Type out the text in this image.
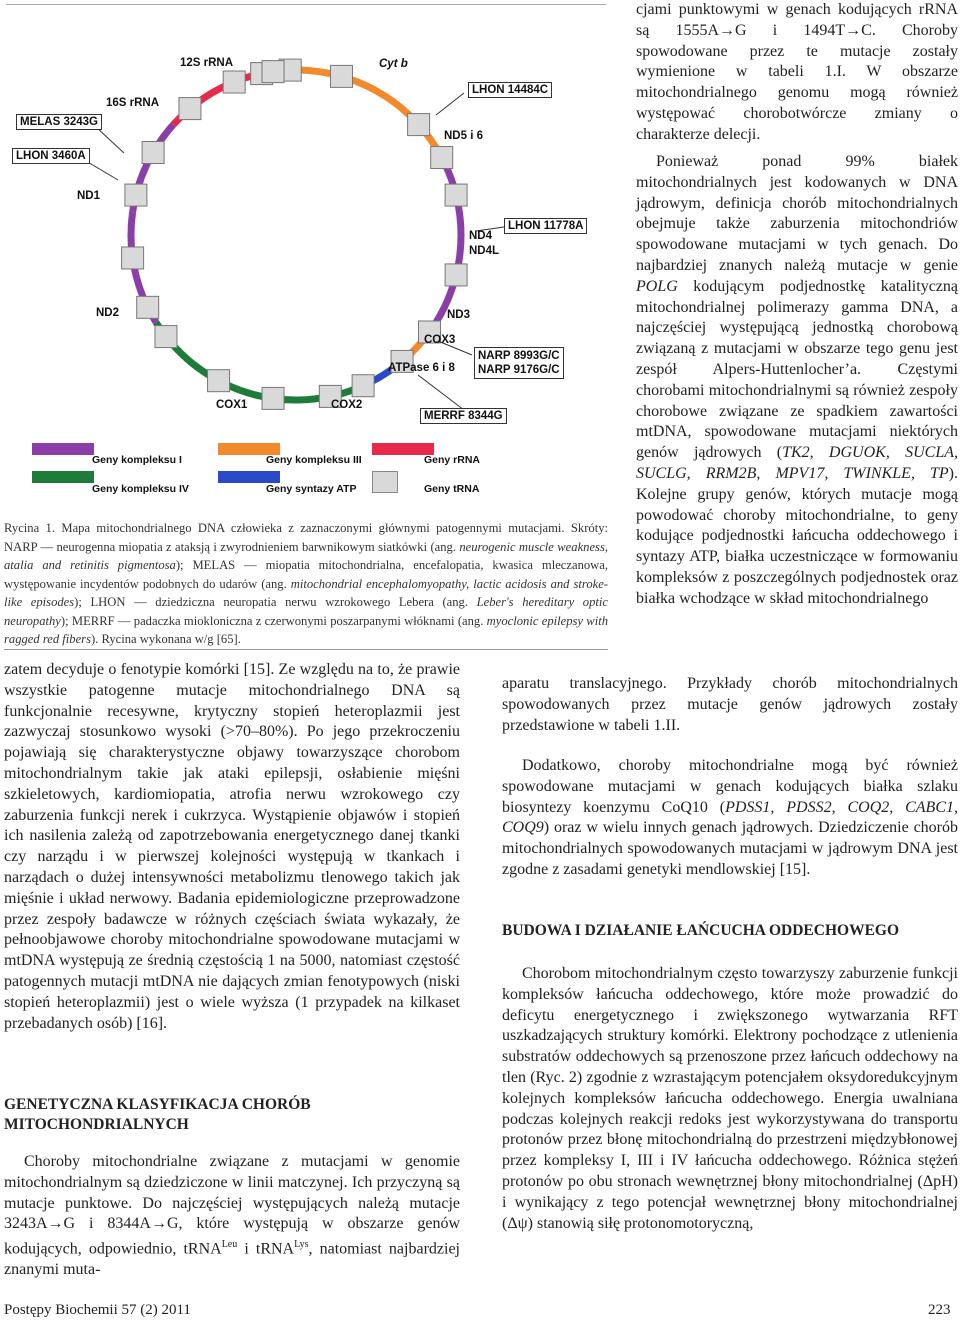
MELAS 3243G
LHON 3460A
16S rRNA
12S rRNA	Cyt b
LHON 14484C
ND5 i 6
ND1
ND4
ND4L
LHON 11778A
ND2	ND3
COX3
ATPase 6 i 8
NARP 8993G/C
NARP 9176G/C
COX1	COX2
MERRF 8344G
Geny kompleksu I	Geny kompleksu III	Geny rRNA
Geny kompleksu IV	Geny syntazy ATP	Geny tRNA
Rycina 1. Mapa mitochondrialnego DNA człowieka z zaznaczonymi głównymi patogennymi mutacjami. Skróty: NARP — neurogenna miopatia z ataksją i zwyrodnieniem barwnikowym siatkówki (ang. neurogenic muscle weakness, atalia and retinitis pigmentosa); MELAS — miopatia mitochondrialna, encefalopatia, kwasica mleczanowa, występowanie incydentów podobnych do udarów (ang. mitochondrial encephalomyopathy, lactic acidosis and stroke-like episodes); LHON — dziedziczna neuropatia nerwu wzrokowego Lebera (ang. Leber's hereditary optic neuropathy); MERRF — padaczka miokloniczna z czerwonymi poszarpanymi włóknami (ang. myoclonic epilepsy with ragged red fibers). Rycina wykonana w/g [65].
cjami punktowymi w genach kodujących rRNA są 1555A→G i 1494T→C. Choroby spowodowane przez te mutacje zostały wymienione w tabeli 1.I. W obszarze mitochondrialnego genomu mogą również występować chorobotwórcze zmiany o charakterze delecji.
Ponieważ ponad 99% białek mitochondrialnych jest kodowanych w DNA jądrowym, definicja chorób mitochondrialnych obejmuje także zaburzenia mitochondriów spowodowane mutacjami w tych genach. Do najbardziej znanych należą mutacje w genie POLG kodującym podjednostkę katalityczną mitochondrialnej polimerazy gamma DNA, a najczęściej występującą jednostką chorobową związaną z mutacjami w obszarze tego genu jest zespół Alpers-Huttenlocher’a. Częstymi chorobami mitochondrialnymi są również zespoły chorobowe związane ze spadkiem zawartości mtDNA, spowodowane mutacjami niektórych genów jądrowych (TK2, DGUOK, SUCLA, SUCLG, RRM2B, MPV17, TWINKLE, TP). Kolejne grupy genów, których mutacje mogą powodować choroby mitochondrialne, to geny kodujące podjednostki łańcucha oddechowego i syntazy ATP, białka uczestniczące w formowaniu kompleksów z poszczególnych podjednostek oraz białka wchodzące w skład mitochondrialnego
aparatu translacyjnego. Przykłady chorób mitochondrialnych spowodowanych przez mutacje genów jądrowych zostały przedstawione w tabeli 1.II.
zatem decyduje o fenotypie komórki [15]. Ze względu na to, że prawie wszystkie patogenne mutacje mitochondrialnego DNA są funkcjonalnie recesywne, krytyczny stopień heteroplazmii jest zazwyczaj stosunkowo wysoki (>70–80%). Po jego przekroczeniu pojawiają się charakterystyczne objawy towarzyszące chorobom mitochondrialnym takie jak ataki epilepsji, osłabienie mięśni szkieletowych, kardiomiopatia, atrofia nerwu wzrokowego czy zaburzenia funkcji nerek i cukrzyca. Wystąpienie objawów i stopień ich nasilenia zależą od zapotrzebowania energetycznego danej tkanki czy narządu i w pierwszej kolejności występują w tkankach i narządach o dużej intensywności metabolizmu tlenowego takich jak mięśnie i układ nerwowy. Badania epidemiologiczne przeprowadzone przez zespoły badawcze w różnych częściach świata wykazały, że pełnoobjawowe choroby mitochondrialne spowodowane mutacjami w mtDNA występują ze średnią częstością 1 na 5000, natomiast częstość patogennych mutacji mtDNA nie dających zmian fenotypowych (niski stopień heteroplazmii) jest o wiele wyższa (1 przypadek na kilkaset przebadanych osób) [16].
GENETYCZNA KLASYFIKACJA CHORÓB MITOCHONDRIALNYCH
Choroby mitochondrialne związane z mutacjami w genomie mitochondrialnym są dziedziczone w linii matczynej. Ich przyczyną są mutacje punktowe. Do najczęściej występujących należą mutacje 3243A→G i 8344A→G, które występują w obszarze genów kodujących, odpowiednio, tRNA$^{Leu}$ i tRNA$^{Lys}$, natomiast najbardziej znanymi muta-
Dodatkowo, choroby mitochondrialne mogą być również spowodowane mutacjami w genach kodujących białka szlaku biosyntezy koenzymu CoQ10 (PDSS1, PDSS2, COQ2, CABC1, COQ9) oraz w wielu innych genach jądrowych. Dziedziczenie chorób mitochondrialnych spowodowanych mutacjami w jądrowym DNA jest zgodne z zasadami genetyki mendlowskiej [15].
BUDOWA I DZIAŁANIE ŁAŃCUCHA ODDECHOWEGO
Chorobom mitochondrialnym często towarzyszy zaburzenie funkcji kompleksów łańcucha oddechowego, które może prowadzić do deficytu energetycznego i zwiększonego wytwarzania RFT uszkadzających struktury komórki. Elektrony pochodzące z utlenienia substratów oddechowych są przenoszone przez łańcuch oddechowy na tlen (Ryc. 2) zgodnie z wzrastającym potencjałem oksydoredukcyjnym kolejnych kompleksów łańcucha oddechowego. Energia uwalniana podczas kolejnych reakcji redoks jest wykorzystywana do transportu protonów przez błonę mitochondrialną do przestrzeni międzybłonowej przez kompleksy I, III i IV łańcucha oddechowego. Różnica stężeń protonów po obu stronach wewnętrznej błony mitochondrialnej (ΔpH) i wynikający z tego potencjał wewnętrznej błony mitochondrialnej (Δψ) stanowią siłę protonomotoryczną,
Postępy Biochemii 57 (2) 2011	223
